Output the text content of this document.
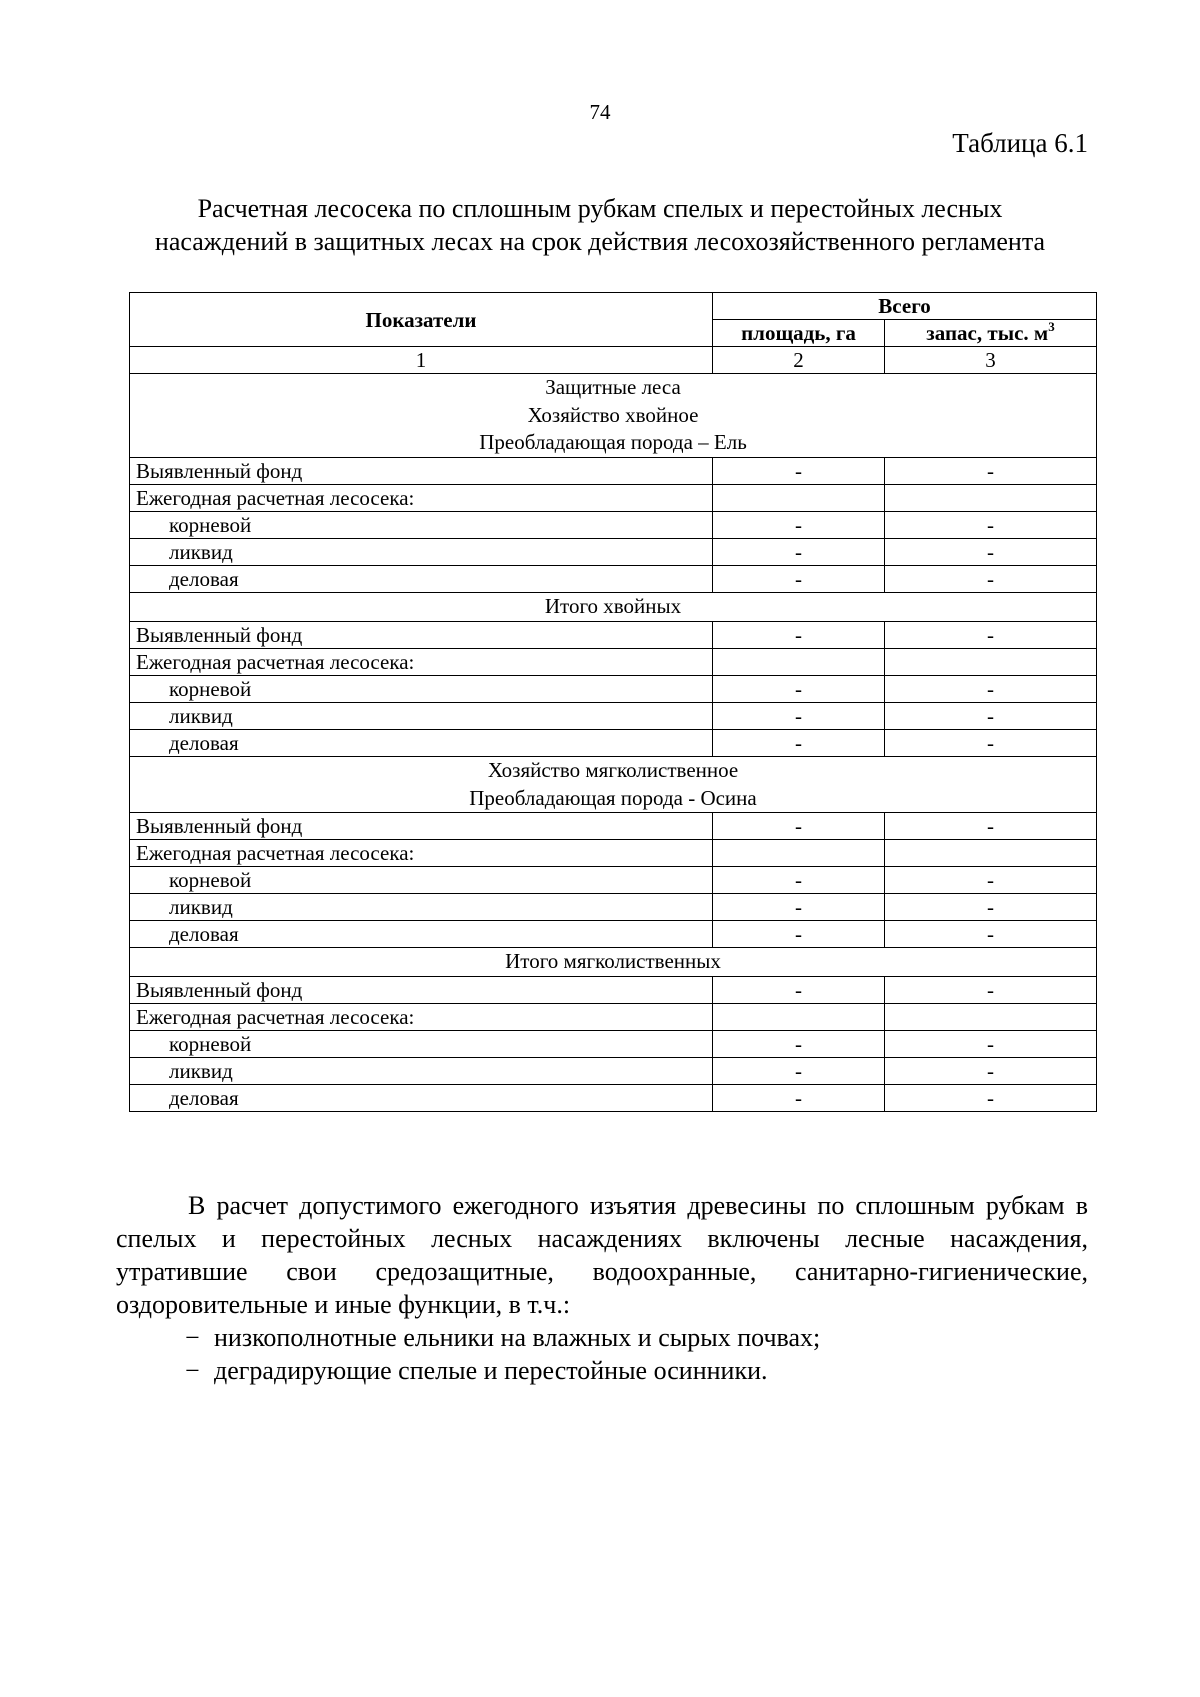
74
Таблица 6.1
Расчетная лесосека по сплошным рубкам спелых и перестойных лесных
насаждений в защитных лесах на срок действия лесохозяйственного регламента
Показатели	Всего	
	площадь, га	запас, тыс. $м^3$
1	2	3

Защитные леса
Хозяйство хвойное
Преобладающая порода – Ель		

Выявленный фонд	-	-
Ежегодная расчетная лесосека:		
корневой	-	-
ликвид	-	-
деловая	-	-

Итого хвойных		

Выявленный фонд	-	-
Ежегодная расчетная лесосека:		
корневой	-	-
ликвид	-	-
деловая	-	-

Хозяйство мягколиственное
Преобладающая порода - Осина		

Выявленный фонд	-	-
Ежегодная расчетная лесосека:		
корневой	-	-
ликвид	-	-
деловая	-	-

Итого мягколиственных		

Выявленный фонд	-	-
Ежегодная расчетная лесосека:		
корневой	-	-
ликвид	-	-
деловая	-	-

В расчет допустимого ежегодного изъятия древесины по сплошным рубкам в спелых и перестойных лесных насаждениях включены лесные насаждения, утратившие свои средозащитные, водоохранные, санитарно-гигиенические, оздоровительные и иные функции, в т.ч.:

− низкополнотные ельники на влажных и сырых почвах;
− деградирующие спелые и перестойные осинники.
